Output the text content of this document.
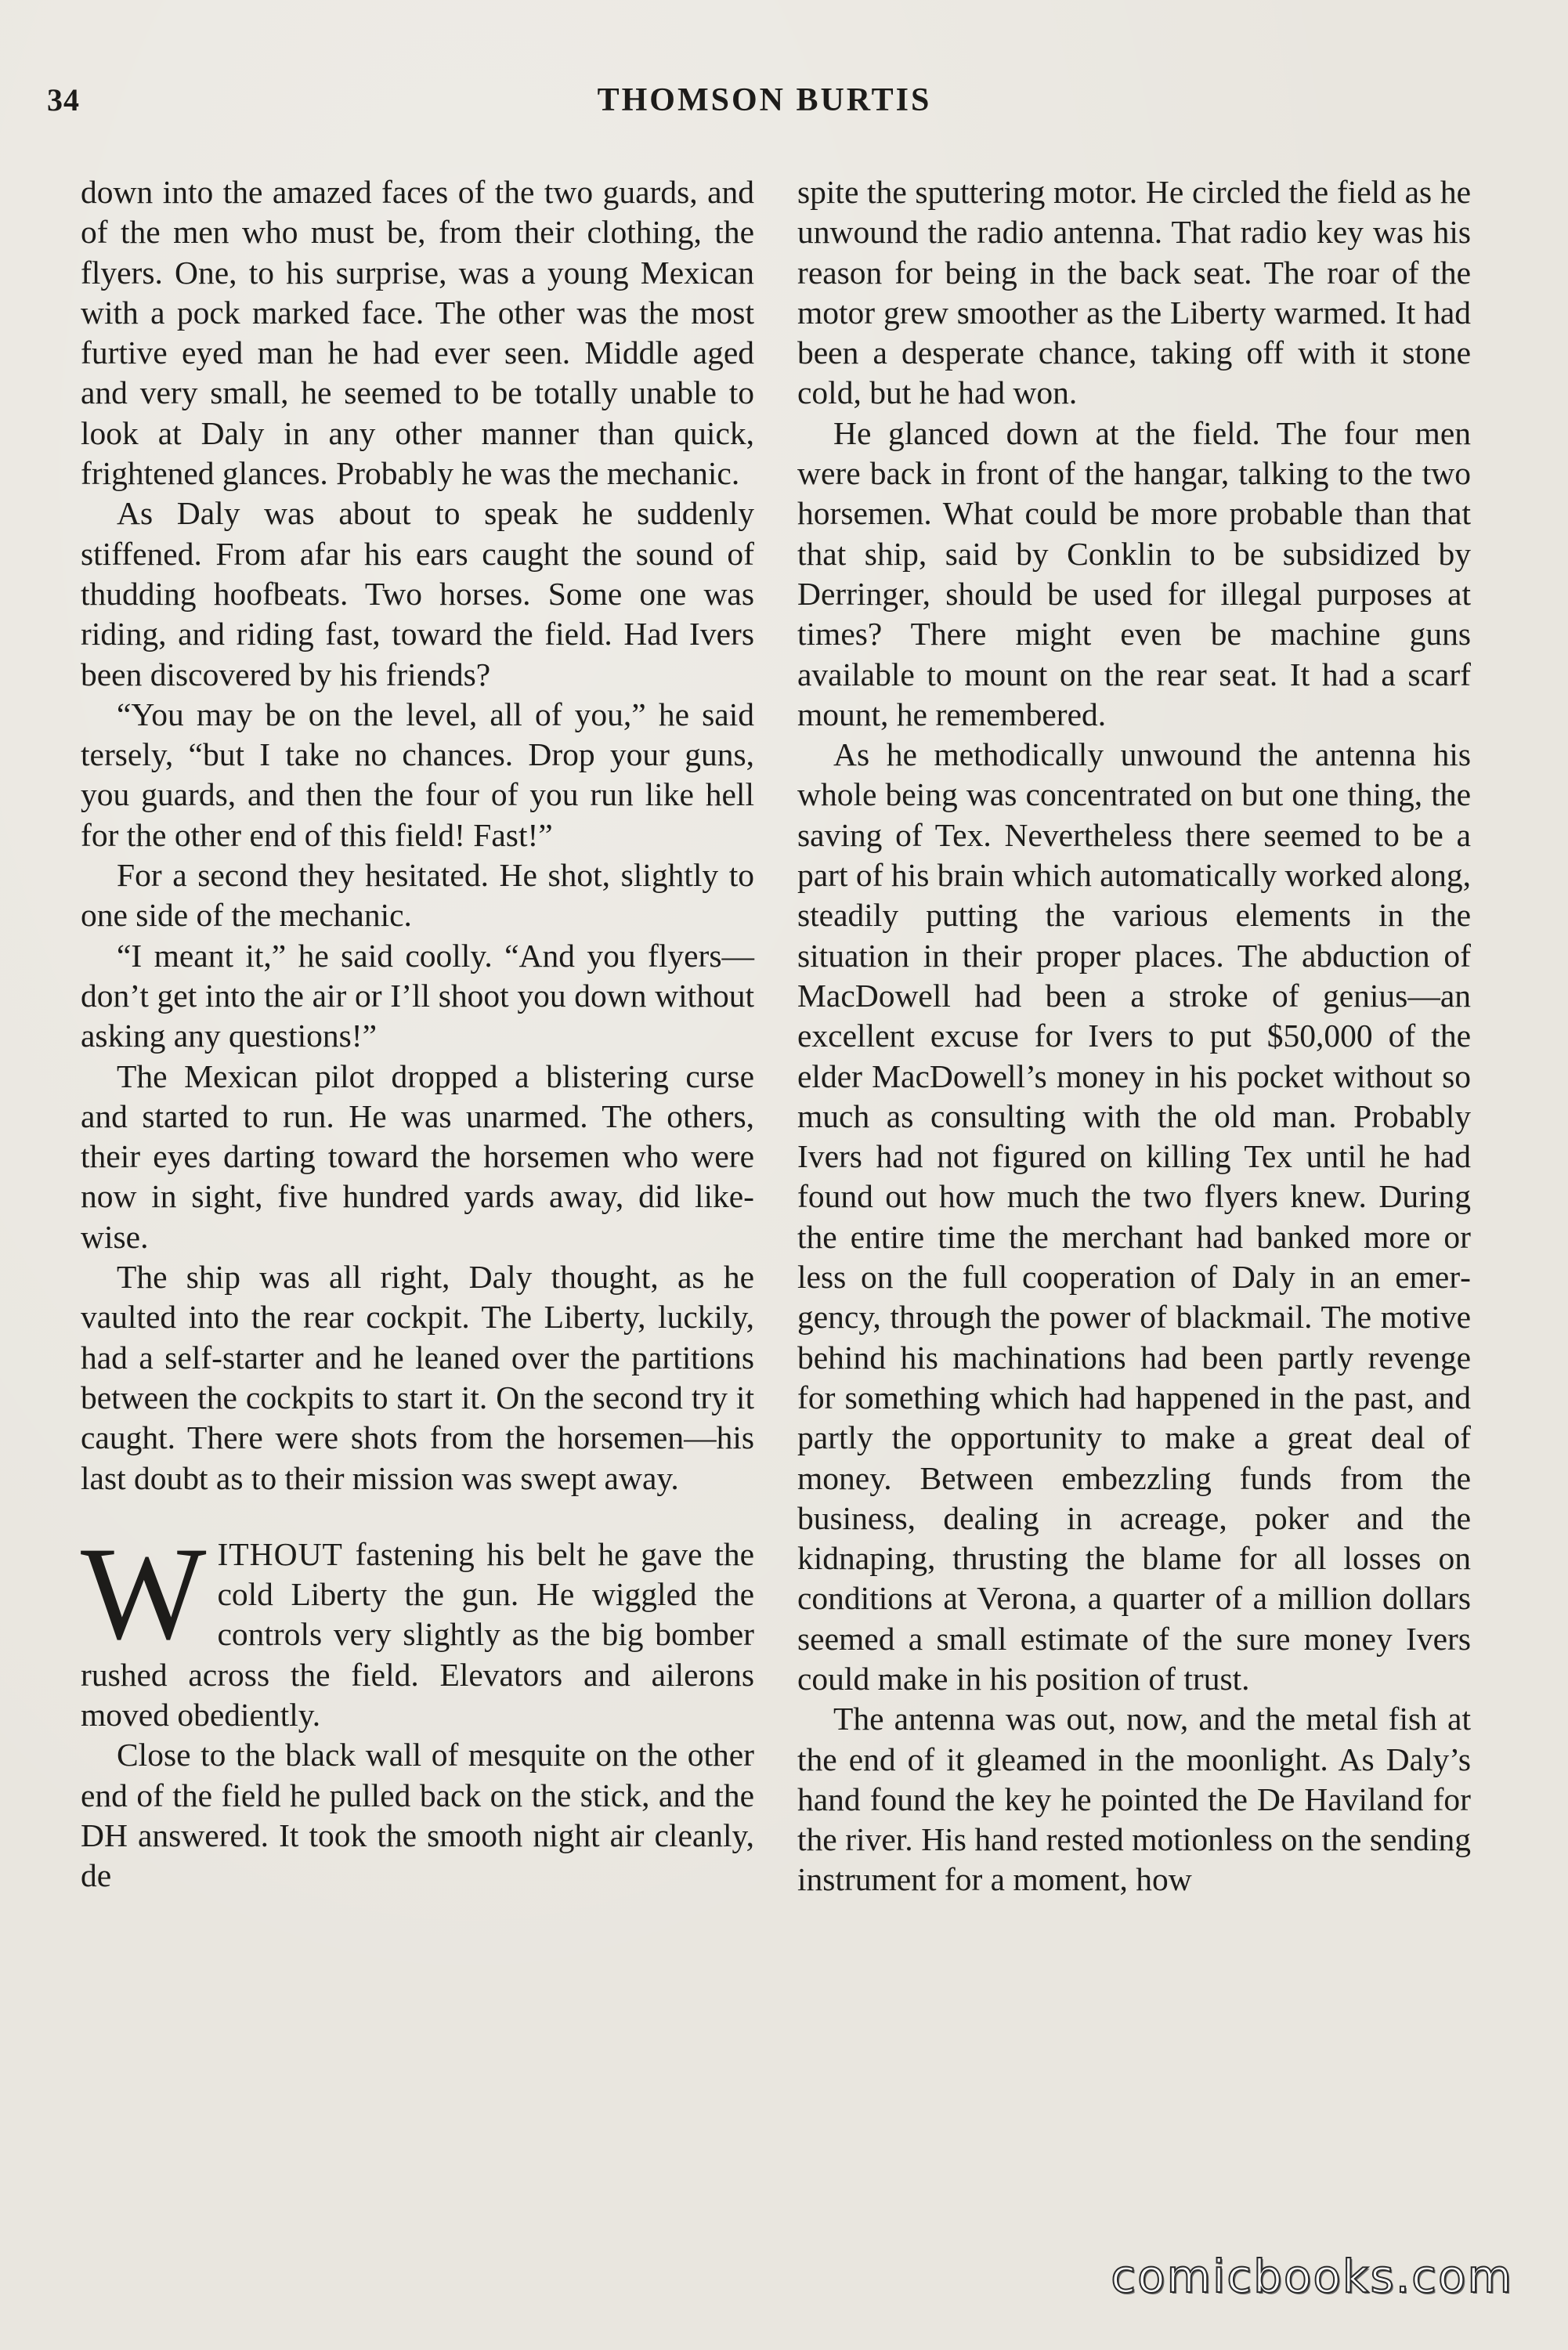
34	THOMSON BURTIS

down into the amazed faces of the two guards, and of the men who must be, from their clothing, the flyers. One, to his surprise, was a young Mexican with a pock marked face. The other was the most furtive eyed man he had ever seen. Middle aged and very small, he seemed to be totally unable to look at Daly in any other manner than quick, frightened glances. Probably he was the mechanic.

As Daly was about to speak he suddenly stiffened. From afar his ears caught the sound of thudding hoofbeats. Two horses. Some one was riding, and riding fast, toward the field. Had Ivers been discovered by his friends?

“You may be on the level, all of you,” he said tersely, “but I take no chances. Drop your guns, you guards, and then the four of you run like hell for the other end of this field! Fast!”

For a second they hesitated. He shot, slightly to one side of the mechanic.

“I meant it,” he said coolly. “And you flyers—don’t get into the air or I’ll shoot you down without asking any questions!”

The Mexican pilot dropped a blistering curse and started to run. He was unarmed. The others, their eyes darting toward the horsemen who were now in sight, five hundred yards away, did likewise.

The ship was all right, Daly thought, as he vaulted into the rear cockpit. The Liberty, luckily, had a self-starter and he leaned over the partitions between the cockpits to start it. On the second try it caught. There were shots from the horsemen—his last doubt as to their mission was swept away.

WITHOUT fastening his belt he gave the cold Liberty the gun. He wiggled the controls very slightly as the big bomber rushed across the field. Elevators and ailerons moved obediently.

Close to the black wall of mesquite on the other end of the field he pulled back on the stick, and the DH answered. It took the smooth night air cleanly, de

spite the sputtering motor. He circled the field as he unwound the radio antenna. That radio key was his reason for being in the back seat. The roar of the motor grew smoother as the Liberty warmed. It had been a desperate chance, taking off with it stone cold, but he had won.

He glanced down at the field. The four men were back in front of the hangar, talking to the two horsemen. What could be more probable than that that ship, said by Conklin to be subsidized by Derringer, should be used for illegal purposes at times? There might even be machine guns available to mount on the rear seat. It had a scarf mount, he remembered.

As he methodically unwound the antenna his whole being was concentrated on but one thing, the saving of Tex. Nevertheless there seemed to be a part of his brain which automatically worked along, steadily putting the various elements in the situation in their proper places. The abduction of MacDowell had been a stroke of genius—an excellent excuse for Ivers to put $50,000 of the elder MacDowell’s money in his pocket without so much as consulting with the old man. Probably Ivers had not figured on killing Tex until he had found out how much the two flyers knew. During the entire time the merchant had banked more or less on the full cooperation of Daly in an emergency, through the power of blackmail. The motive behind his machinations had been partly revenge for something which had happened in the past, and partly the opportunity to make a great deal of money. Between embezzling funds from the business, dealing in acreage, poker and the kidnaping, thrusting the blame for all losses on conditions at Verona, a quarter of a million dollars seemed a small estimate of the sure money Ivers could make in his position of trust.

The antenna was out, now, and the metal fish at the end of it gleamed in the moonlight. As Daly’s hand found the key he pointed the De Haviland for the river. His hand rested motionless on the sending instrument for a moment, how

comicbooks.com
